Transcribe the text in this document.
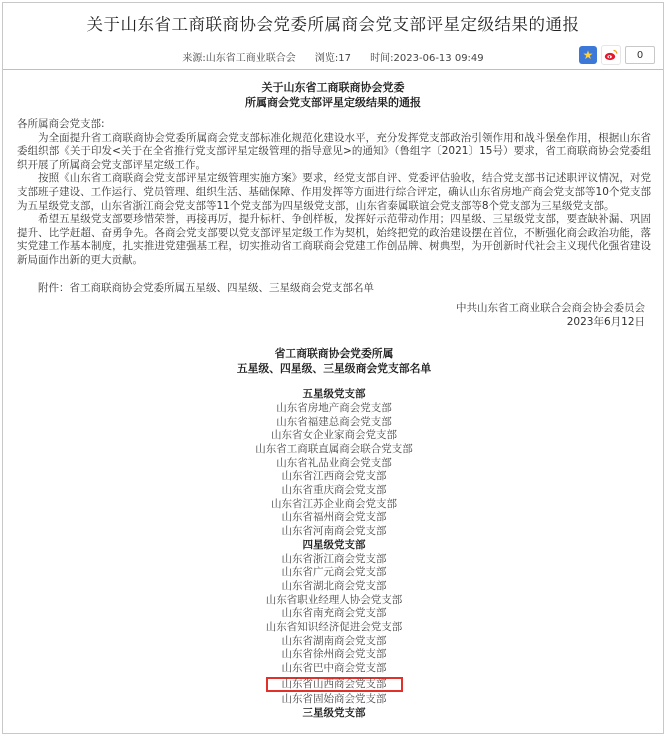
关于山东省工商联商协会党委所属商会党支部评星定级结果的通报
来源:山东省工商业联合会 浏览:17 时间:2023-06-13 09:49	★	0
关于山东省工商联商协会党委
所属商会党支部评星定级结果的通报
各所属商会党支部:

为全面提升省工商联商协会党委所属商会党支部标准化规范化建设水平，充分发挥党支部政治引领作用和战斗堡垒作用，根据山东省委组织部《关于印发<关于在全省推行党支部评星定级管理的指导意见>的通知》（鲁组字〔2021〕15号）要求，省工商联商协会党委组织开展了所属商会党支部评星定级工作。

按照《山东省工商联商会党支部评星定级管理实施方案》要求，经党支部自评、党委评估验收，结合党支部书记述职评议情况，对党支部班子建设、工作运行、党员管理、组织生活、基础保障、作用发挥等方面进行综合评定，确认山东省房地产商会党支部等10个党支部为五星级党支部，山东省浙江商会党支部等11个党支部为四星级党支部，山东省泰属联谊会党支部等8个党支部为三星级党支部。

希望五星级党支部要珍惜荣誉，再接再厉，提升标杆、争创样板，发挥好示范带动作用；四星级、三星级党支部，要查缺补漏、巩固提升、比学赶超、奋勇争先。各商会党支部要以党支部评星定级工作为契机，始终把党的政治建设摆在首位，不断强化商会政治功能，落实党建工作基本制度，扎实推进党建强基工程，切实推动省工商联商会党建工作创品牌、树典型，为开创新时代社会主义现代化强省建设新局面作出新的更大贡献。

附件：省工商联商协会党委所属五星级、四星级、三星级商会党支部名单
中共山东省工商业联合会商会协会委员会
2023年6月12日
省工商联商协会党委所属
五星级、四星级、三星级商会党支部名单
五星级党支部
山东省房地产商会党支部
山东省福建总商会党支部
山东省女企业家商会党支部
山东省工商联直属商会联合党支部
山东省礼品业商会党支部
山东省江西商会党支部
山东省重庆商会党支部
山东省江苏企业商会党支部
山东省福州商会党支部
山东省河南商会党支部
四星级党支部
山东省浙江商会党支部
山东省广元商会党支部
山东省湖北商会党支部
山东省职业经理人协会党支部
山东省南充商会党支部
山东省知识经济促进会党支部
山东省湖南商会党支部
山东省徐州商会党支部
山东省巴中商会党支部
山东省山西商会党支部
山东省固始商会党支部
三星级党支部
